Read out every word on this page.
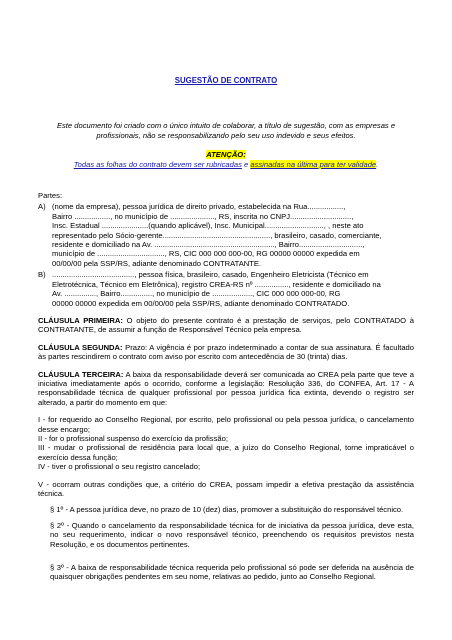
SUGESTÃO DE CONTRATO

Este documento foi criado com o único intuito de colaborar, a título de sugestão, com as empresas e profissionais, não se responsabilizando pelo seu uso indevido e seus efeitos.

ATENÇÃO:

Todas as folhas do contrato devem ser rubricadas e assinadas na última para ter validade.

Partes:
A) (nome da empresa), pessoa jurídica de direito privado, estabelecida na Rua.................,
Bairro ................., no município de ....................., RS, inscrita no CNPJ.............................,
Insc. Estadual ......................(quando aplicável), Insc. Municipal............................, , neste ato
representado pelo Sócio-gerente..................................................., brasileiro, casado, comerciante,
residente e domiciliado na Av. ........................................................., Bairro..............................,
município de ................................, RS, CIC 000 000 000-00, RG 00000 00000 expedida em
00/00/00 pela SSP/RS, adiante denominado CONTRATANTE.
B) ......................................., pessoa física, brasileiro, casado, Engenheiro Eletricista (Técnico em
Eletrotécnica, Técnico em Eletrônica), registro CREA-RS nº ................, residente e domiciliado na
Av. ..............., Bairro..............., no município de ..................., CIC 000 000 000-00, RG
00000 00000 expedida em 00/00/00 pela SSP/RS, adiante denominado CONTRATADO.

CLÁUSULA PRIMEIRA: O objeto do presente contrato é a prestação de serviços, pelo CONTRATADO à CONTRATANTE, de assumir a função de Responsável Técnico pela empresa.

CLÁUSULA SEGUNDA: Prazo: A vigência é por prazo indeterminado a contar de sua assinatura. É facultado às partes rescindirem o contrato com aviso por escrito com antecedência de 30 (trinta) dias.

CLÁUSULA TERCEIRA: A baixa da responsabilidade deverá ser comunicada ao CREA pela parte que teve a iniciativa imediatamente após o ocorrido, conforme a legislação: Resolução 336, do CONFEA, Art. 17 - A responsabilidade técnica de qualquer profissional por pessoa jurídica fica extinta, devendo o registro ser alterado, a partir do momento em que:

I - for requerido ao Conselho Regional, por escrito, pelo profissional ou pela pessoa jurídica, o cancelamento desse encargo;

II - for o profissional suspenso do exercício da profissão;

III - mudar o profissional de residência para local que, a juízo do Conselho Regional, torne impraticável o exercício dessa função;

IV - tiver o profissional o seu registro cancelado;

V - ocorram outras condições que, a critério do CREA, possam impedir a efetiva prestação da assistência técnica.

§ 1º - A pessoa jurídica deve, no prazo de 10 (dez) dias, promover a substituição do responsável técnico.

§ 2º - Quando o cancelamento da responsabilidade técnica for de iniciativa da pessoa jurídica, deve esta, no seu requerimento, indicar o novo responsável técnico, preenchendo os requisitos previstos nesta Resolução, e os documentos pertinentes.

§ 3º - A baixa de responsabilidade técnica requerida pelo profissional só pode ser deferida na ausência de quaisquer obrigações pendentes em seu nome, relativas ao pedido, junto ao Conselho Regional.
